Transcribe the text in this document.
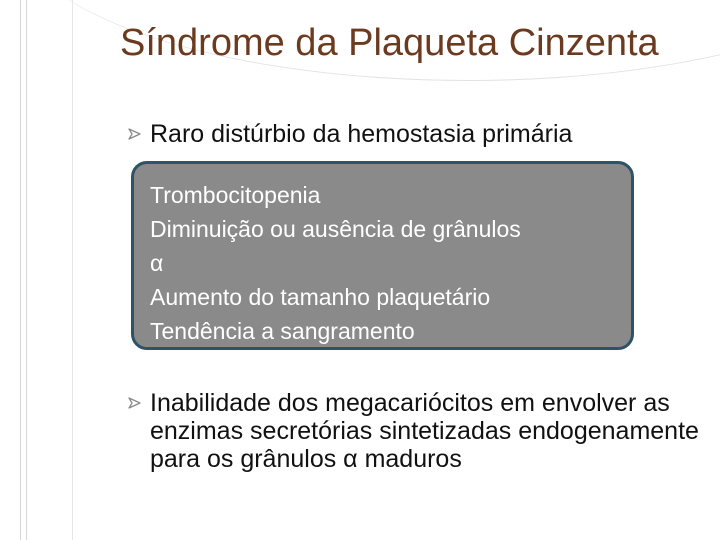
Síndrome da Plaqueta Cinzenta
Raro distúrbio da hemostasia primária
Trombocitopenia
Diminuição ou ausência de grânulos
α
Aumento do tamanho plaquetário
Tendência a sangramento
Inabilidade dos megacariócitos em envolver as enzimas secretórias sintetizadas endogenamente para os grânulos α maduros
